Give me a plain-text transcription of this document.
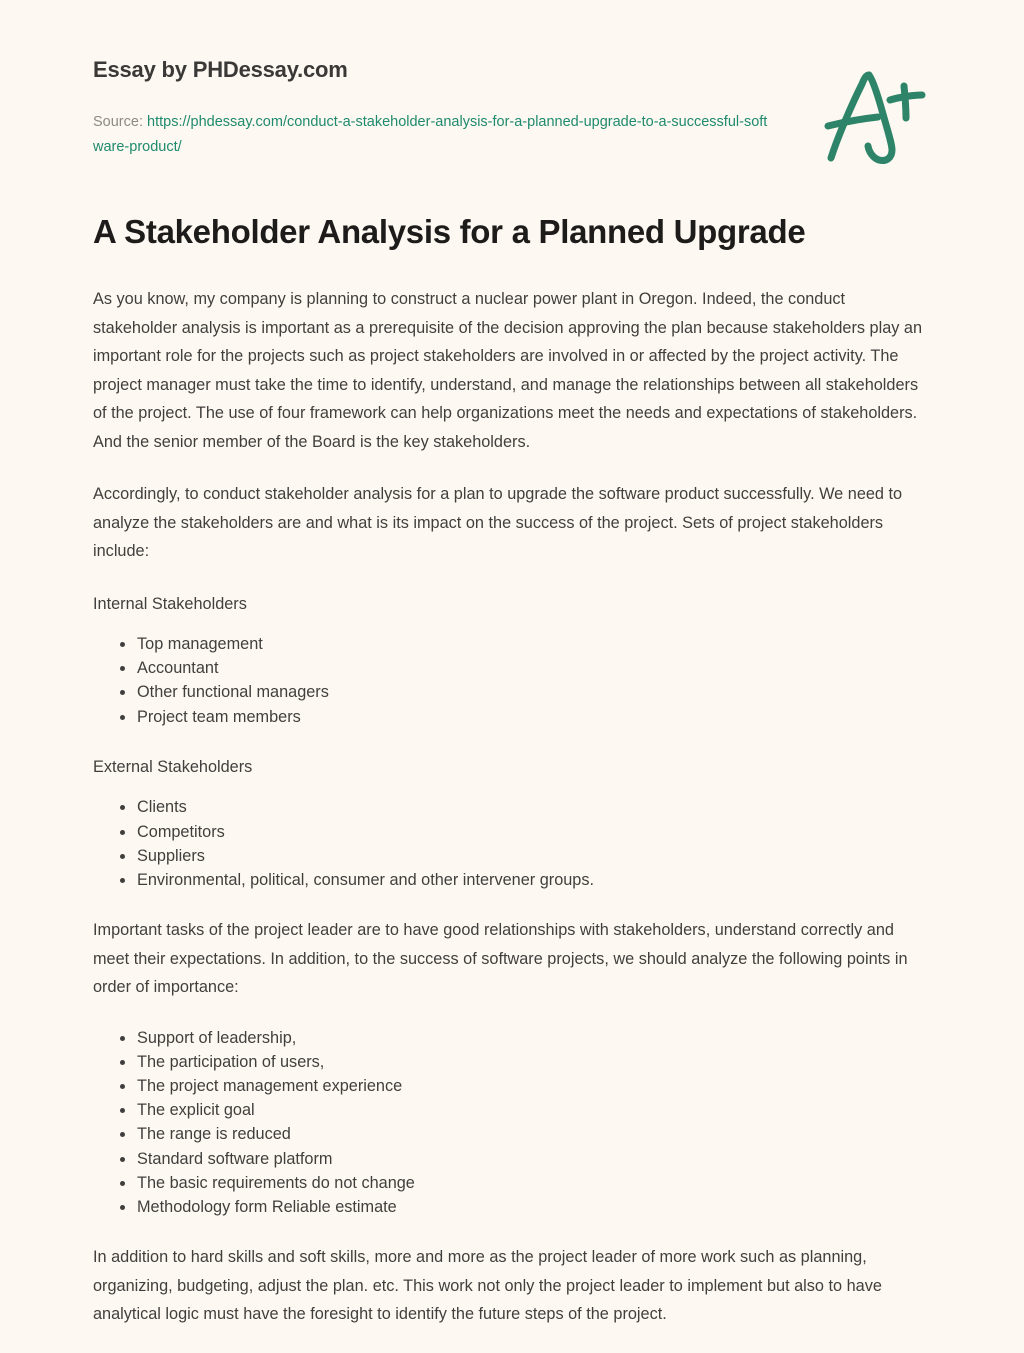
Essay by PHDessay.com
Source: https://phdessay.com/conduct-a-stakeholder-analysis-for-a-planned-upgrade-to-a-successful-software-product/
A Stakeholder Analysis for a Planned Upgrade

As you know, my company is planning to construct a nuclear power plant in Oregon. Indeed, the conduct stakeholder analysis is important as a prerequisite of the decision approving the plan because stakeholders play an important role for the projects such as project stakeholders are involved in or affected by the project activity. The project manager must take the time to identify, understand, and manage the relationships between all stakeholders of the project. The use of four framework can help organizations meet the needs and expectations of stakeholders. And the senior member of the Board is the key stakeholders.

Accordingly, to conduct stakeholder analysis for a plan to upgrade the software product successfully. We need to analyze the stakeholders are and what is its impact on the success of the project. Sets of project stakeholders include:

Internal Stakeholders

Top management
Accountant
Other functional managers
Project team members

External Stakeholders

Clients
Competitors
Suppliers
Environmental, political, consumer and other intervener groups.

Important tasks of the project leader are to have good relationships with stakeholders, understand correctly and meet their expectations. In addition, to the success of software projects, we should analyze the following points in order of importance:

Support of leadership,
The participation of users,
The project management experience
The explicit goal
The range is reduced
Standard software platform
The basic requirements do not change
Methodology form Reliable estimate

In addition to hard skills and soft skills, more and more as the project leader of more work such as planning, organizing, budgeting, adjust the plan. etc. This work not only the project leader to implement but also to have analytical logic must have the foresight to identify the future steps of the project.
